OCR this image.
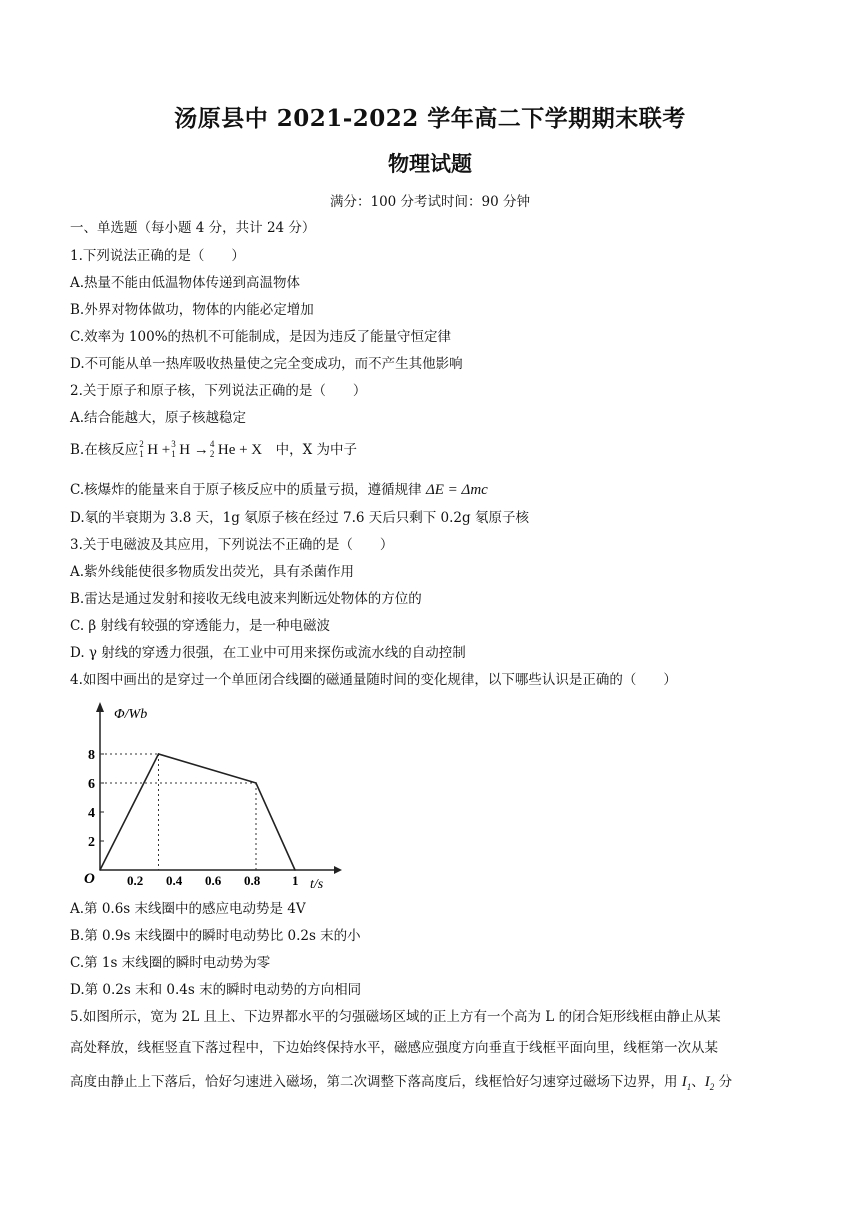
汤原县中 2021-2022 学年高二下学期期末联考
物理试题
满分：100 分考试时间：90 分钟
一、单选题（每小题 4 分，共计 24 分）
1.下列说法正确的是（　　）
A.热量不能由低温物体传递到高温物体
B.外界对物体做功，物体的内能必定增加
C.效率为 100%的热机不可能制成，是因为违反了能量守恒定律
D.不可能从单一热库吸收热量使之完全变成功，而不产生其他影响
2.关于原子和原子核，下列说法正确的是（　　）
A.结合能越大，原子核越稳定
B.在核反应 2
1 H + 3
1 H → 4
2 He + X　中，X 为中子
C.核爆炸的能量来自于原子核反应中的质量亏损，遵循规律 ΔE = Δmc
D.氡的半衰期为 3.8 天，1g 氡原子核在经过 7.6 天后只剩下 0.2g 氡原子核
3.关于电磁波及其应用，下列说法不正确的是（　　）
A.紫外线能使很多物质发出荧光，具有杀菌作用
B.雷达是通过发射和接收无线电波来判断远处物体的方位的
C. β 射线有较强的穿透能力，是一种电磁波
D. γ 射线的穿透力很强，在工业中可用来探伤或流水线的自动控制
4.如图中画出的是穿过一个单匝闭合线圈的磁通量随时间的变化规律，以下哪些认识是正确的（　　）
Φ/Wb
t/s
O
2
4
6
8
0.2 0.4 0.6 0.8 1
A.第 0.6s 末线圈中的感应电动势是 4V
B.第 0.9s 末线圈中的瞬时电动势比 0.2s 末的小
C.第 1s 末线圈的瞬时电动势为零
D.第 0.2s 末和 0.4s 末的瞬时电动势的方向相同
5.如图所示，宽为 2L 且上、下边界都水平的匀强磁场区域的正上方有一个高为 L 的闭合矩形线框由静止从某
高处释放，线框竖直下落过程中，下边始终保持水平，磁感应强度方向垂直于线框平面向里，线框第一次从某
高度由静止上下落后，恰好匀速进入磁场，第二次调整下落高度后，线框恰好匀速穿过磁场下边界，用 $I_1$、$I_2$ 分
